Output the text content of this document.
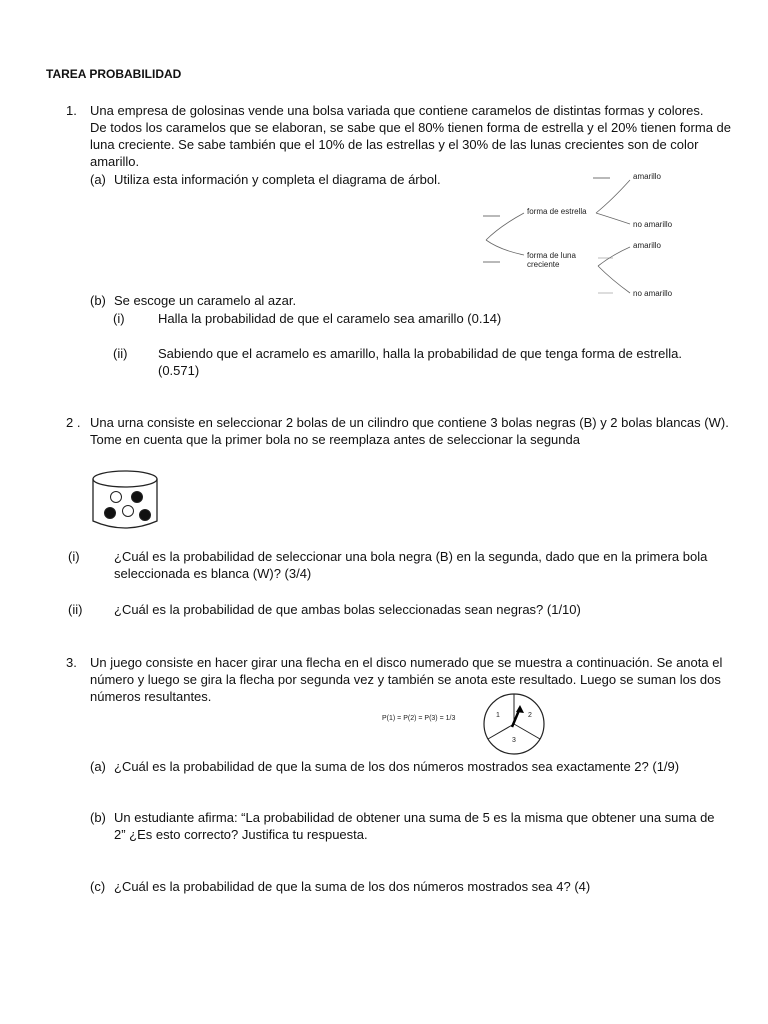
TAREA PROBABILIDAD
1. Una empresa de golosinas vende una bolsa variada que contiene caramelos de distintas formas y colores.
De todos los caramelos que se elaboran, se sabe que el 80% tienen forma de estrella y el 20% tienen forma de
luna creciente. Se sabe también que el 10% de las estrellas y el 30% de las lunas crecientes son de color
amarillo.
(a) Utiliza esta información y completa el diagrama de árbol.
forma de estrella
forma de luna
creciente
amarillo
no amarillo
amarillo
no amarillo
(b) Se escoge un caramelo al azar.
(i)	Halla la probabilidad de que el caramelo sea amarillo (0.14)
(ii) Sabiendo que el acramelo es amarillo, halla la probabilidad de que tenga forma de estrella.
(0.571)
2 . Una urna consiste en seleccionar 2 bolas de un cilindro que contiene 3 bolas negras (B) y 2 bolas blancas (W).
Tome en cuenta que la primer bola no se reemplaza antes de seleccionar la segunda
(i)	¿Cuál es la probabilidad de seleccionar una bola negra (B) en la segunda, dado que en la primera bola
seleccionada es blanca (W)? (3/4)
(ii) ¿Cuál es la probabilidad de que ambas bolas seleccionadas sean negras? (1/10)
3. Un juego consiste en hacer girar una flecha en el disco numerado que se muestra a continuación. Se anota el
número y luego se gira la flecha por segunda vez y también se anota este resultado. Luego se suman los dos
números resultantes.
P(1) = P(2) = P(3) = 1/3	1	2
3
(a) ¿Cuál es la probabilidad de que la suma de los dos números mostrados sea exactamente 2? (1/9)
(b) Un estudiante afirma: “La probabilidad de obtener una suma de 5 es la misma que obtener una suma de
2” ¿Es esto correcto? Justifica tu respuesta.
(c) ¿Cuál es la probabilidad de que la suma de los dos números mostrados sea 4? (4)
